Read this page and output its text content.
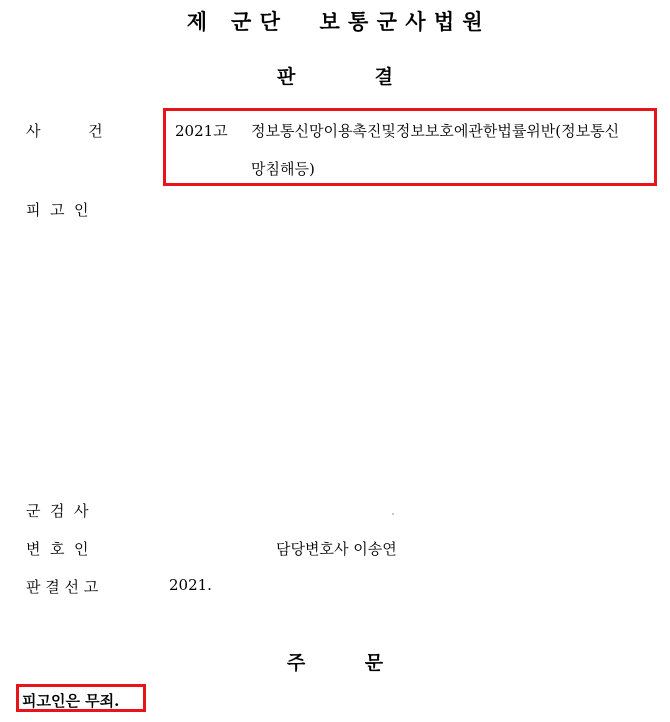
제   군 단     보 통 군 사 법 원
판            결
사          건	2021고 정보통신망이용촉진및정보보호에관한법률위반(정보통신
망침해등)
피  고  인
군  검  사
변  호  인	담당변호사 이송연
판 결 선 고	2021.
주         문
피고인은 무죄.
